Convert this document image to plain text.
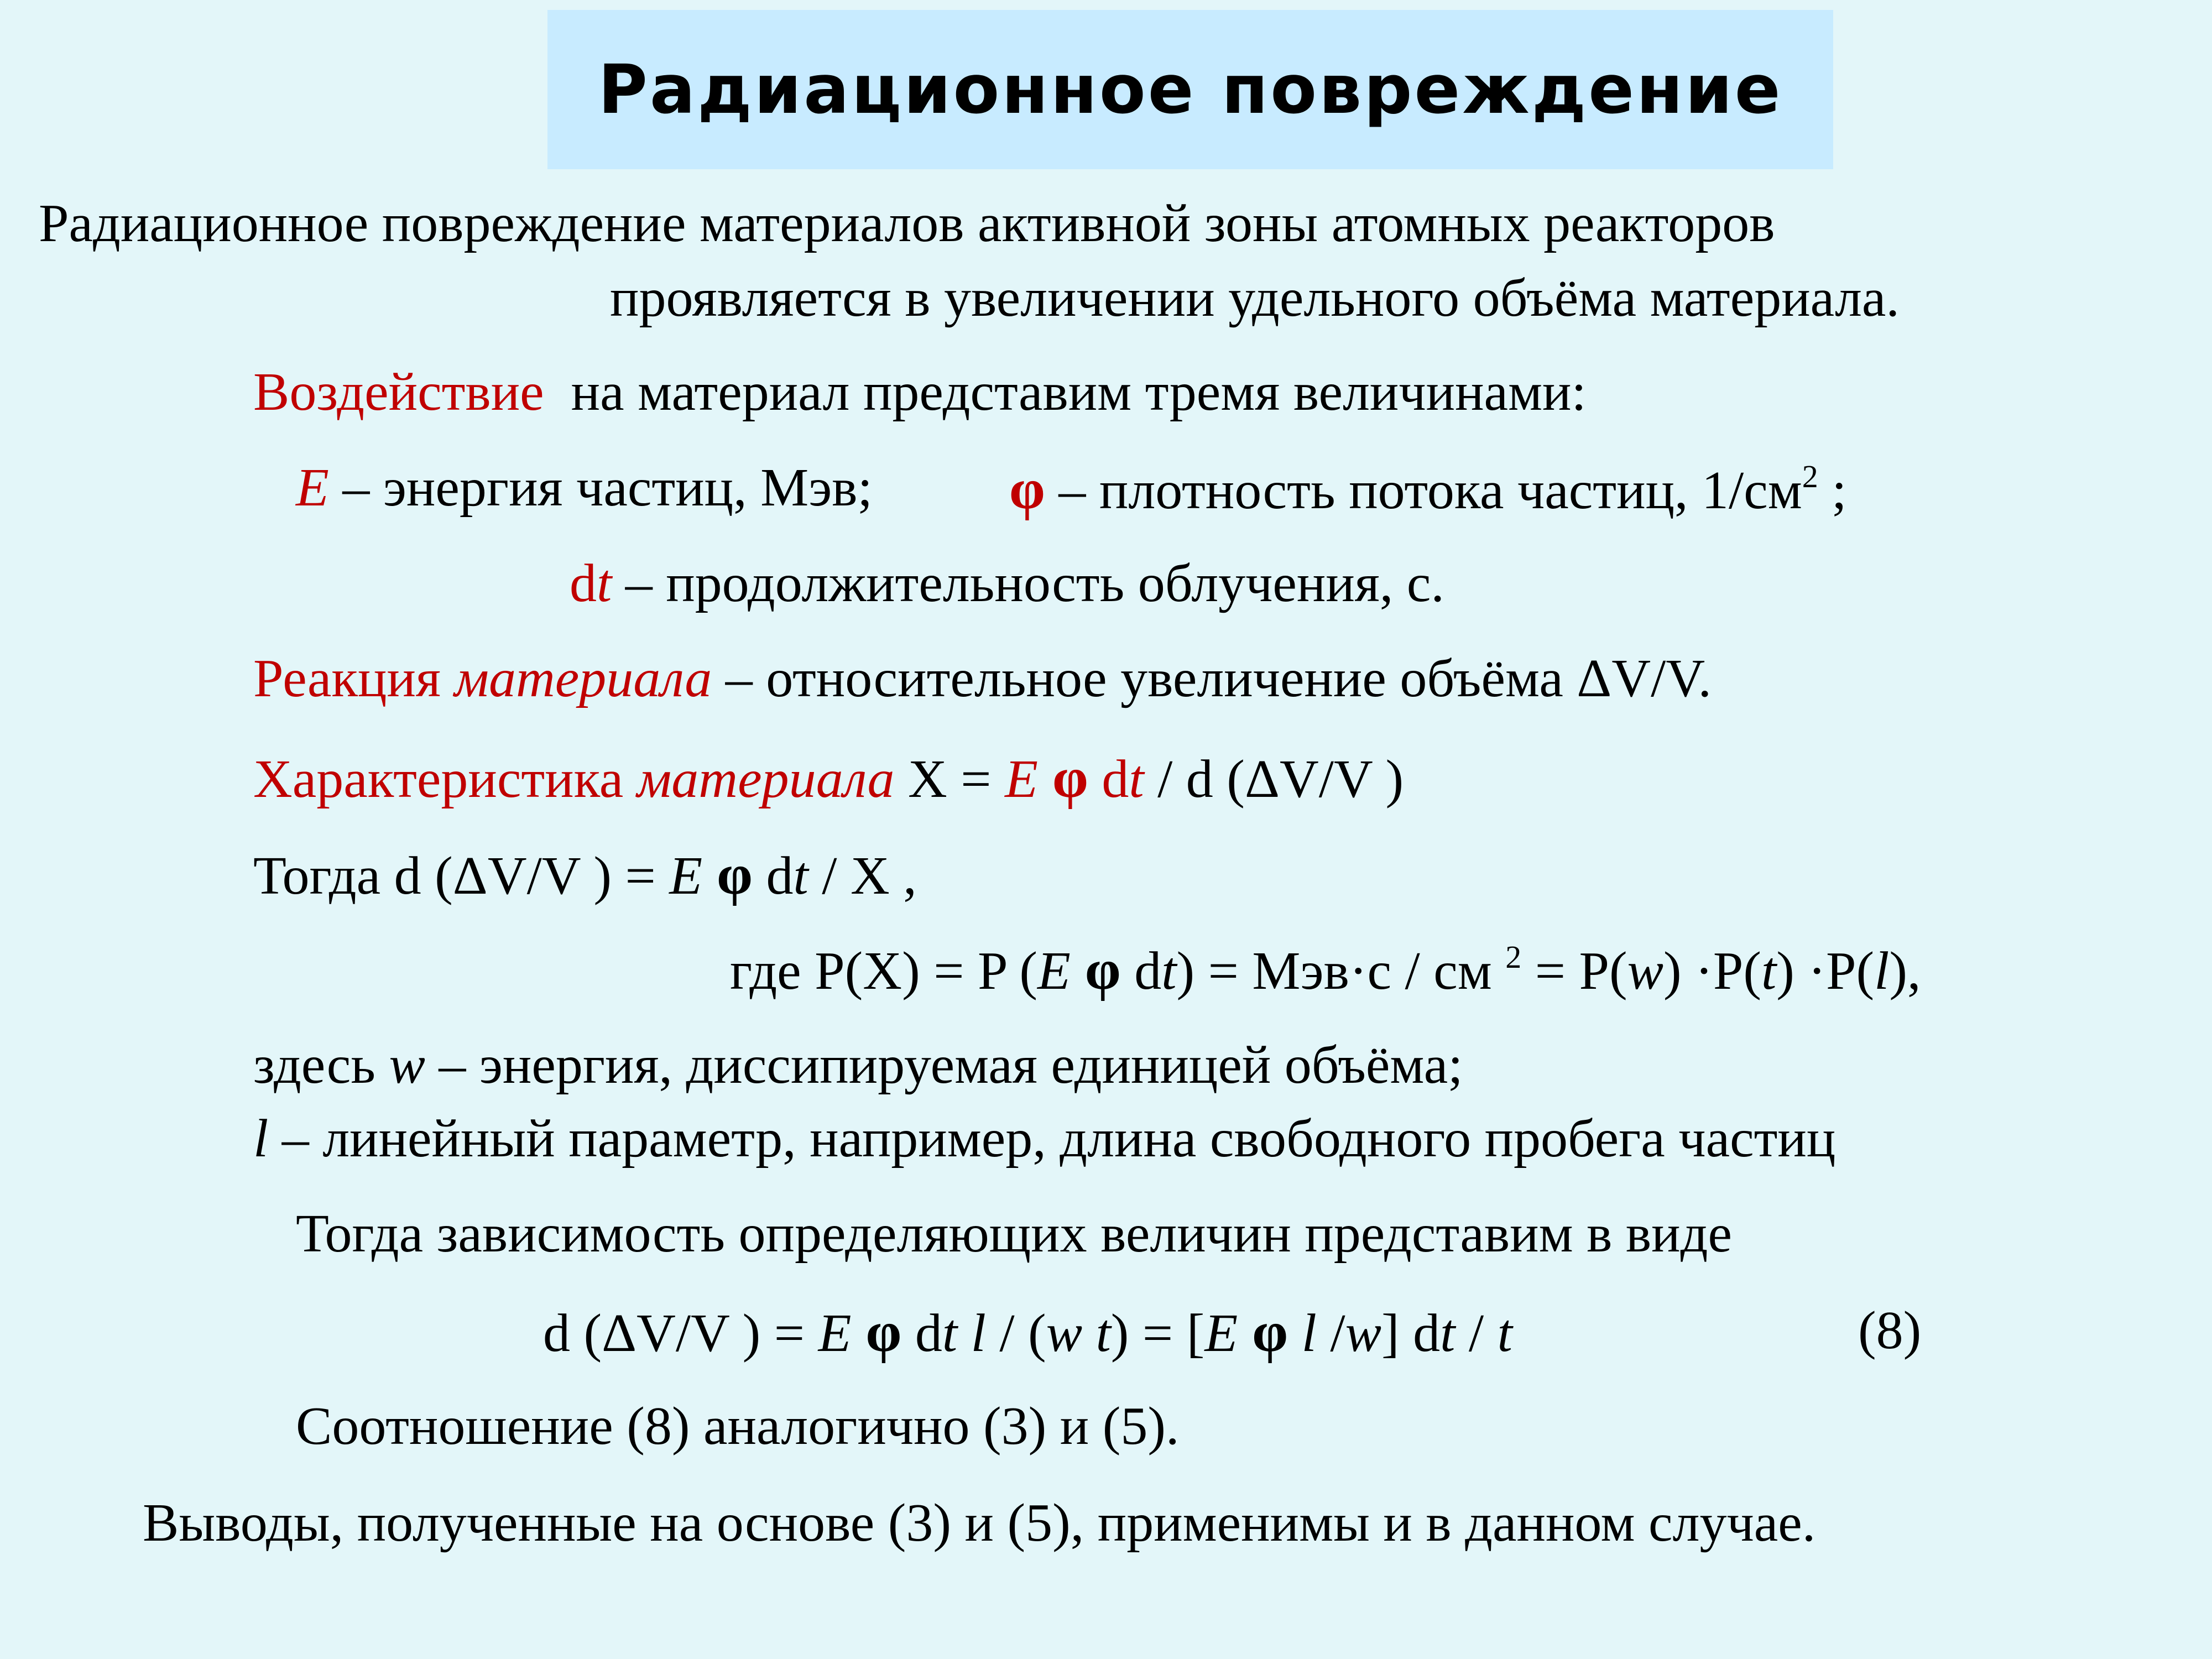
Радиационное повреждение
Радиационное повреждение материалов активной зоны атомных реакторов
проявляется в увеличении удельного объёма материала.
Воздействие на материал представим тремя величинами:
E – энергия частиц, Мэв; φ – плотность потока частиц, $1/см^2$ ;
dt – продолжительность облучения, с.
Реакция материала – относительное увеличение объёма ΔV/V.
Характеристика материала X = E φ dt / d (ΔV/V )
Тогда d (ΔV/V ) = E φ dt / X ,
где P(X) = P (E φ dt) = Мэв·с / см $^2$ = P(w) ·P(t) ·P(l),
здесь w – энергия, диссипируемая единицей объёма;
l – линейный параметр, например, длина свободного пробега частиц
Тогда зависимость определяющих величин представим в виде
d (ΔV/V ) = E φ dt l / (w t) = [E φ l /w] dt / t	(8)
Соотношение (8) аналогично (3) и (5).
Выводы, полученные на основе (3) и (5), применимы и в данном случае.
